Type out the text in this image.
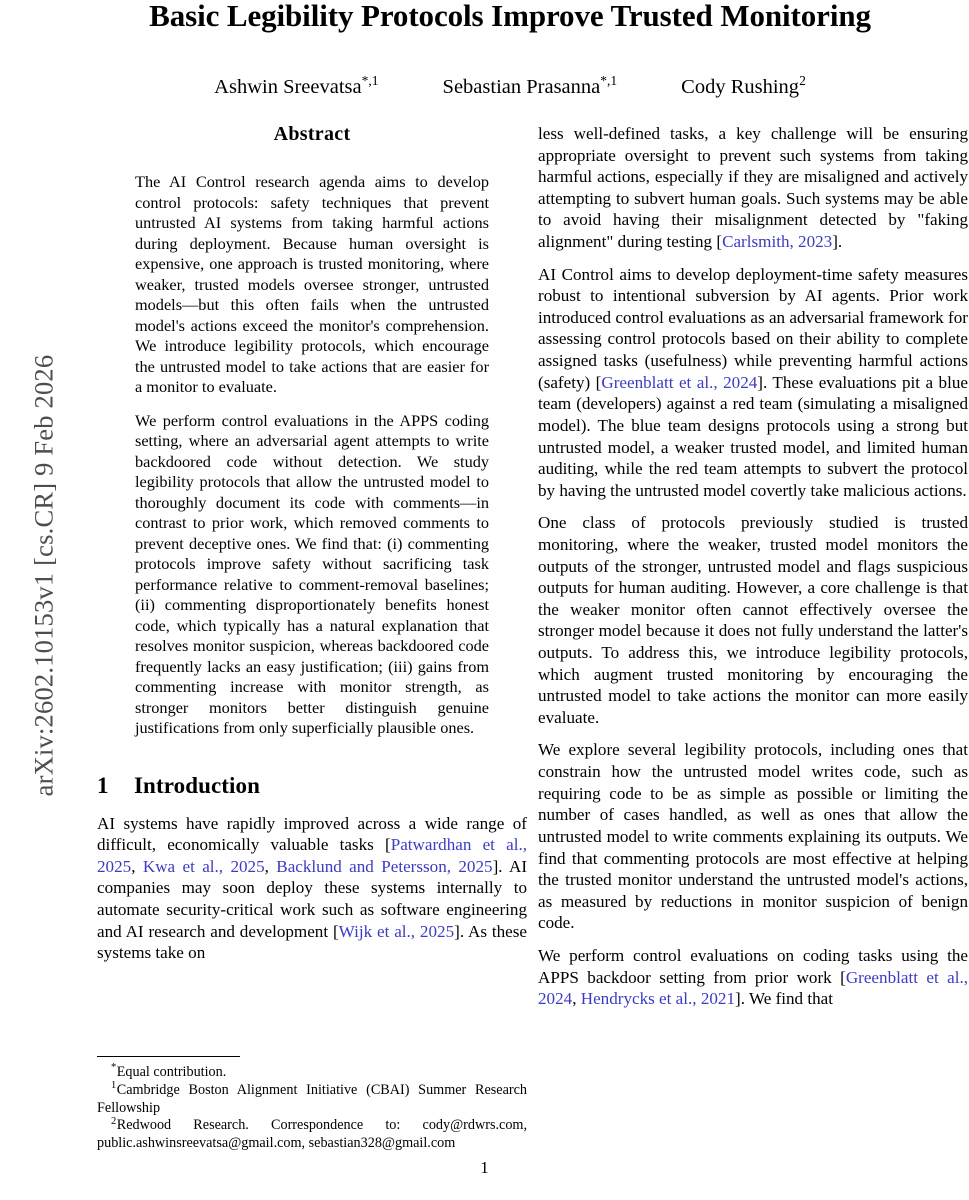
arXiv:2602.10153v1 [cs.CR] 9 Feb 2026
Basic Legibility Protocols Improve Trusted Monitoring
Ashwin Sreevatsa$^{*,1}$	Sebastian Prasanna$^{*,1}$	Cody Rushing$^2$
Abstract

The AI Control research agenda aims to develop control protocols: safety techniques that prevent untrusted AI systems from taking harmful actions during deployment. Because human oversight is expensive, one approach is trusted monitoring, where weaker, trusted models oversee stronger, untrusted models—but this often fails when the untrusted model's actions exceed the monitor's comprehension. We introduce legibility protocols, which encourage the untrusted model to take actions that are easier for a monitor to evaluate.

We perform control evaluations in the APPS coding setting, where an adversarial agent attempts to write backdoored code without detection. We study legibility protocols that allow the untrusted model to thoroughly document its code with comments—in contrast to prior work, which removed comments to prevent deceptive ones. We find that: (i) commenting protocols improve safety without sacrificing task performance relative to comment-removal baselines; (ii) commenting disproportionately benefits honest code, which typically has a natural explanation that resolves monitor suspicion, whereas backdoored code frequently lacks an easy justification; (iii) gains from commenting increase with monitor strength, as stronger monitors better distinguish genuine justifications from only superficially plausible ones.

1 Introduction

AI systems have rapidly improved across a wide range of difficult, economically valuable tasks [Patwardhan et al., 2025, Kwa et al., 2025, Backlund and Petersson, 2025]. AI companies may soon deploy these systems internally to automate security-critical work such as software engineering and AI research and development [Wijk et al., 2025]. As these systems take on

less well-defined tasks, a key challenge will be ensuring appropriate oversight to prevent such systems from taking harmful actions, especially if they are misaligned and actively attempting to subvert human goals. Such systems may be able to avoid having their misalignment detected by "faking alignment" during testing [Carlsmith, 2023].

AI Control aims to develop deployment-time safety measures robust to intentional subversion by AI agents. Prior work introduced control evaluations as an adversarial framework for assessing control protocols based on their ability to complete assigned tasks (usefulness) while preventing harmful actions (safety) [Greenblatt et al., 2024]. These evaluations pit a blue team (developers) against a red team (simulating a misaligned model). The blue team designs protocols using a strong but untrusted model, a weaker trusted model, and limited human auditing, while the red team attempts to subvert the protocol by having the untrusted model covertly take malicious actions.

One class of protocols previously studied is trusted monitoring, where the weaker, trusted model monitors the outputs of the stronger, untrusted model and flags suspicious outputs for human auditing. However, a core challenge is that the weaker monitor often cannot effectively oversee the stronger model because it does not fully understand the latter's outputs. To address this, we introduce legibility protocols, which augment trusted monitoring by encouraging the untrusted model to take actions the monitor can more easily evaluate.

We explore several legibility protocols, including ones that constrain how the untrusted model writes code, such as requiring code to be as simple as possible or limiting the number of cases handled, as well as ones that allow the untrusted model to write comments explaining its outputs. We find that commenting protocols are most effective at helping the trusted monitor understand the untrusted model's actions, as measured by reductions in monitor suspicion of benign code.

We perform control evaluations on coding tasks using the APPS backdoor setting from prior work [Greenblatt et al., 2024, Hendrycks et al., 2021]. We find that

*Equal contribution.

$^1$Cambridge Boston Alignment Initiative (CBAI) Summer Research Fellowship

$^2$Redwood Research. Correspondence to: cody@rdwrs.com, public.ashwinsreevatsa@gmail.com, sebastian328@gmail.com

1
